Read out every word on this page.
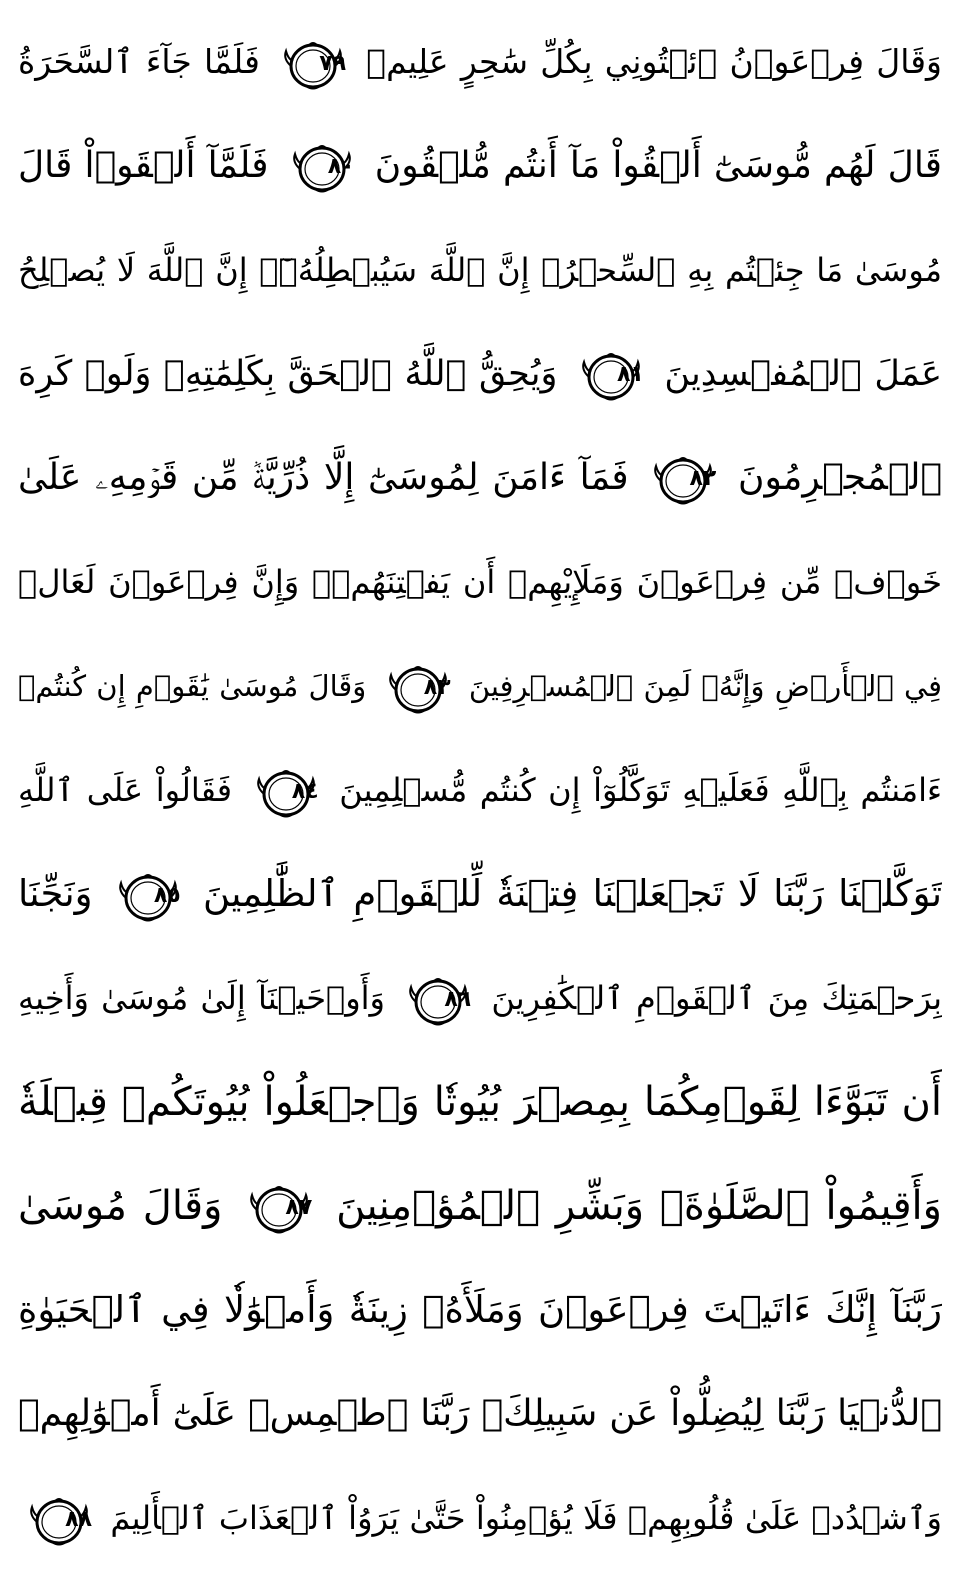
وَقَالَ فِرۡعَوۡنُ ٱئۡتُونِي بِكُلِّ سَٰحِرٍ عَلِيمٖ
٧٩
فَلَمَّا جَآءَ ٱلسَّحَرَةُ
قَالَ لَهُم مُّوسَىٰٓ أَلۡقُواْ مَآ أَنتُم مُّلۡقُونَ
٨٠
فَلَمَّآ أَلۡقَوۡاْ قَالَ
مُوسَىٰ مَا جِئۡتُم بِهِ ٱلسِّحۡرُۖ إِنَّ ٱللَّهَ سَيُبۡطِلُهُۥٓۖ إِنَّ ٱللَّهَ لَا يُصۡلِحُ
عَمَلَ ٱلۡمُفۡسِدِينَ
٨١
وَيُحِقُّ ٱللَّهُ ٱلۡحَقَّ بِكَلِمَٰتِهِۦ وَلَوۡ كَرِهَ
ٱلۡمُجۡرِمُونَ
٨٢
فَمَآ ءَامَنَ لِمُوسَىٰٓ إِلَّا ذُرِّيَّةٞ مِّن قَوۡمِهِۦ عَلَىٰ
خَوۡفٖ مِّن فِرۡعَوۡنَ وَمَلَإِيْهِمۡ أَن يَفۡتِنَهُمۡۚ وَإِنَّ فِرۡعَوۡنَ لَعَالٖ
فِي ٱلۡأَرۡضِ وَإِنَّهُۥ لَمِنَ ٱلۡمُسۡرِفِينَ
٨٣
وَقَالَ مُوسَىٰ يَٰقَوۡمِ إِن كُنتُمۡ
ءَامَنتُم بِٱللَّهِ فَعَلَيۡهِ تَوَكَّلُوٓاْ إِن كُنتُم مُّسۡلِمِينَ
٨٤
فَقَالُواْ عَلَى ٱللَّهِ
تَوَكَّلۡنَا رَبَّنَا لَا تَجۡعَلۡنَا فِتۡنَةٗ لِّلۡقَوۡمِ ٱلظَّٰلِمِينَ
٨٥
وَنَجِّنَا
بِرَحۡمَتِكَ مِنَ ٱلۡقَوۡمِ ٱلۡكَٰفِرِينَ
٨٦
وَأَوۡحَيۡنَآ إِلَىٰ مُوسَىٰ وَأَخِيهِ
أَن تَبَوَّءَا لِقَوۡمِكُمَا بِمِصۡرَ بُيُوتٗا وَٱجۡعَلُواْ بُيُوتَكُمۡ قِبۡلَةٗ
وَأَقِيمُواْ ٱلصَّلَوٰةَۗ وَبَشِّرِ ٱلۡمُؤۡمِنِينَ
٨٧
وَقَالَ مُوسَىٰ
رَبَّنَآ إِنَّكَ ءَاتَيۡتَ فِرۡعَوۡنَ وَمَلَأَهُۥ زِينَةٗ وَأَمۡوَٰلٗا فِي ٱلۡحَيَوٰةِ
ٱلدُّنۡيَا رَبَّنَا لِيُضِلُّواْ عَن سَبِيلِكَۖ رَبَّنَا ٱطۡمِسۡ عَلَىٰٓ أَمۡوَٰلِهِمۡ
وَٱشۡدُدۡ عَلَىٰ قُلُوبِهِمۡ فَلَا يُؤۡمِنُواْ حَتَّىٰ يَرَوُاْ ٱلۡعَذَابَ ٱلۡأَلِيمَ
٨٨
